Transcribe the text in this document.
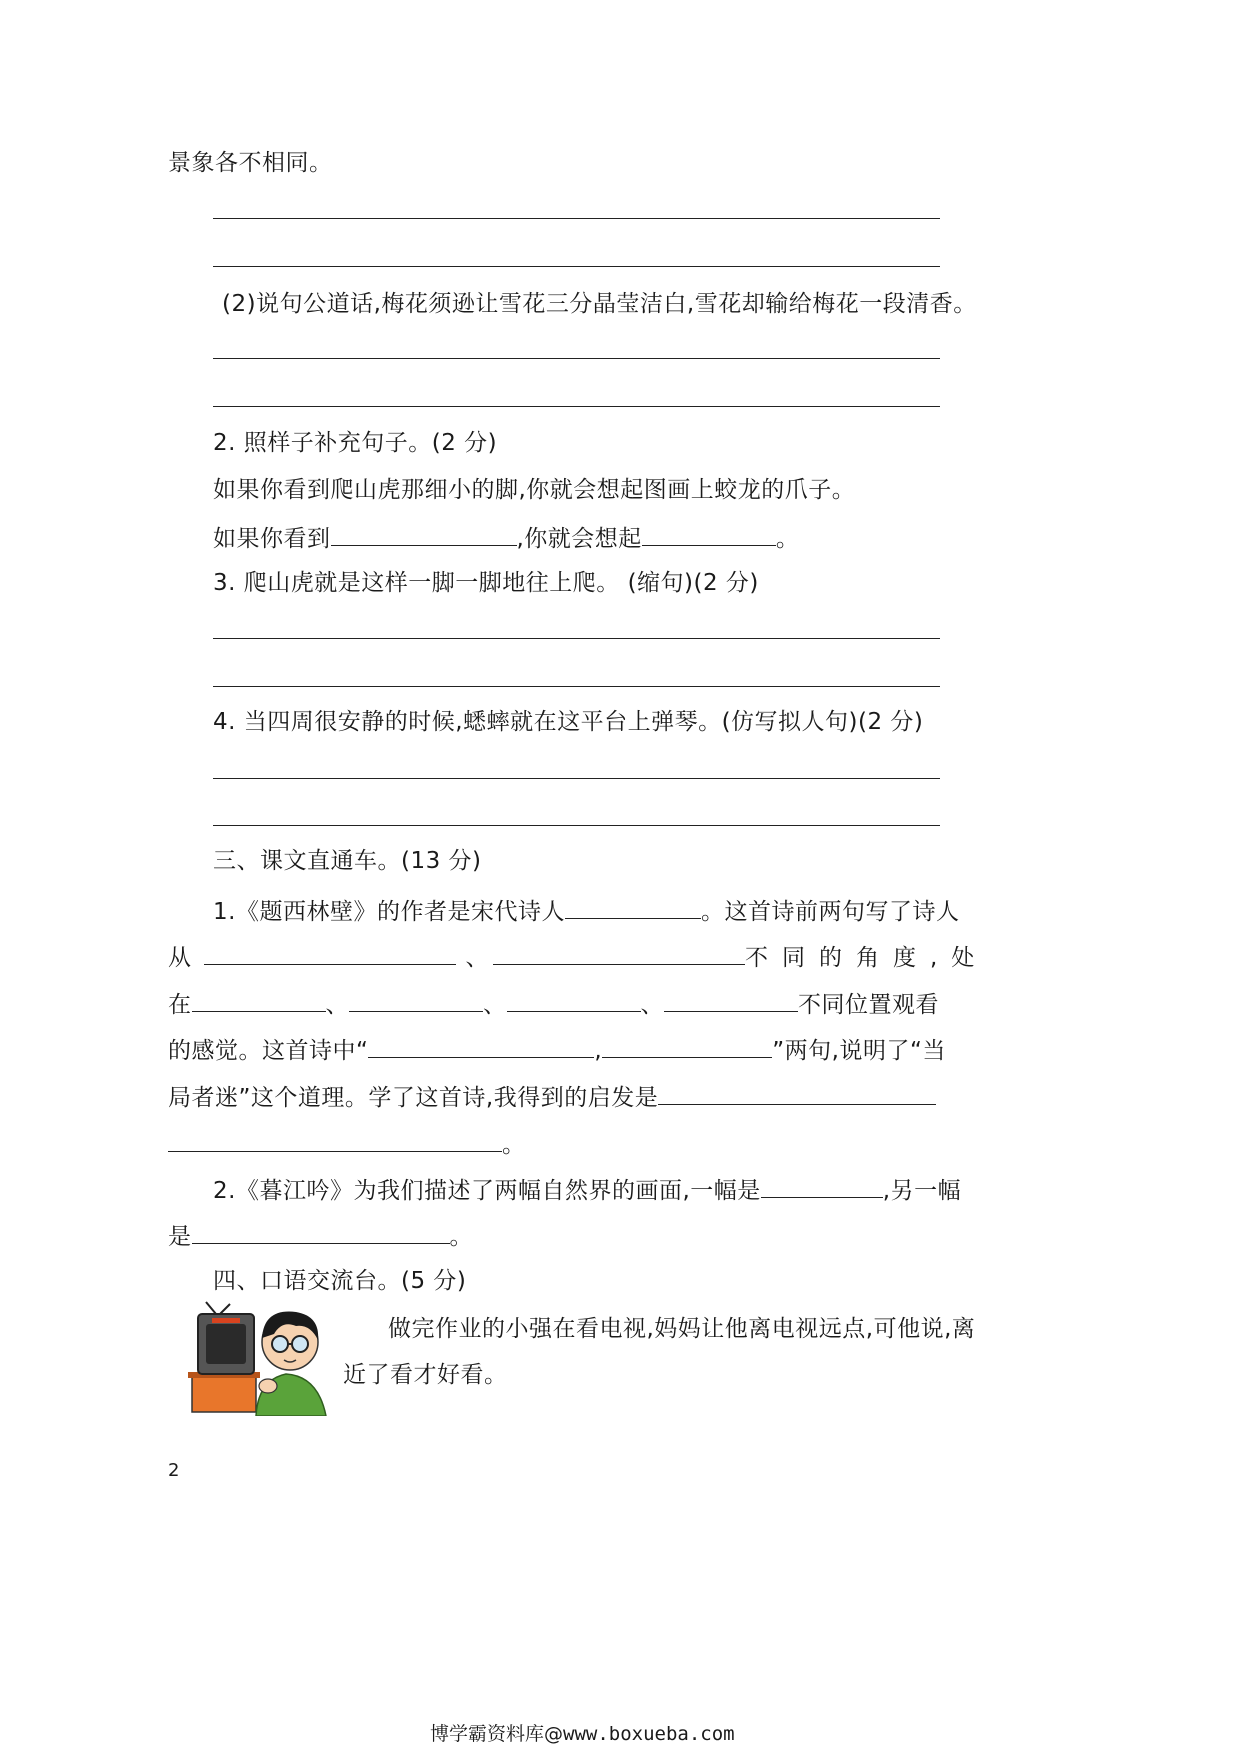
景象各不相同。
(2)说句公道话,梅花须逊让雪花三分晶莹洁白,雪花却输给梅花一段清香。
2. 照样子补充句子。(2 分)
如果你看到爬山虎那细小的脚,你就会想起图画上蛟龙的爪子。
如果你看到	,你就会想起	。
3. 爬山虎就是这样一脚一脚地往上爬。 (缩句)(2 分)
4. 当四周很安静的时候,蟋蟀就在这平台上弹琴。(仿写拟人句)(2 分)
三、课文直通车。(13 分)
1.《题西林壁》的作者是宋代诗人	。这首诗前两句写了诗人
从	、	不同的角度,处
在	、	、	、	不同位置观看
的感觉。这首诗中“	,	”两句,说明了“当
局者迷”这个道理。学了这首诗,我得到的启发是
。
2.《暮江吟》为我们描述了两幅自然界的画面,一幅是	,另一幅
是	。
四、口语交流台。(5 分)
做完作业的小强在看电视,妈妈让他离电视远点,可他说,离
近了看才好看。
2
博学霸资料库@www.boxueba.com
